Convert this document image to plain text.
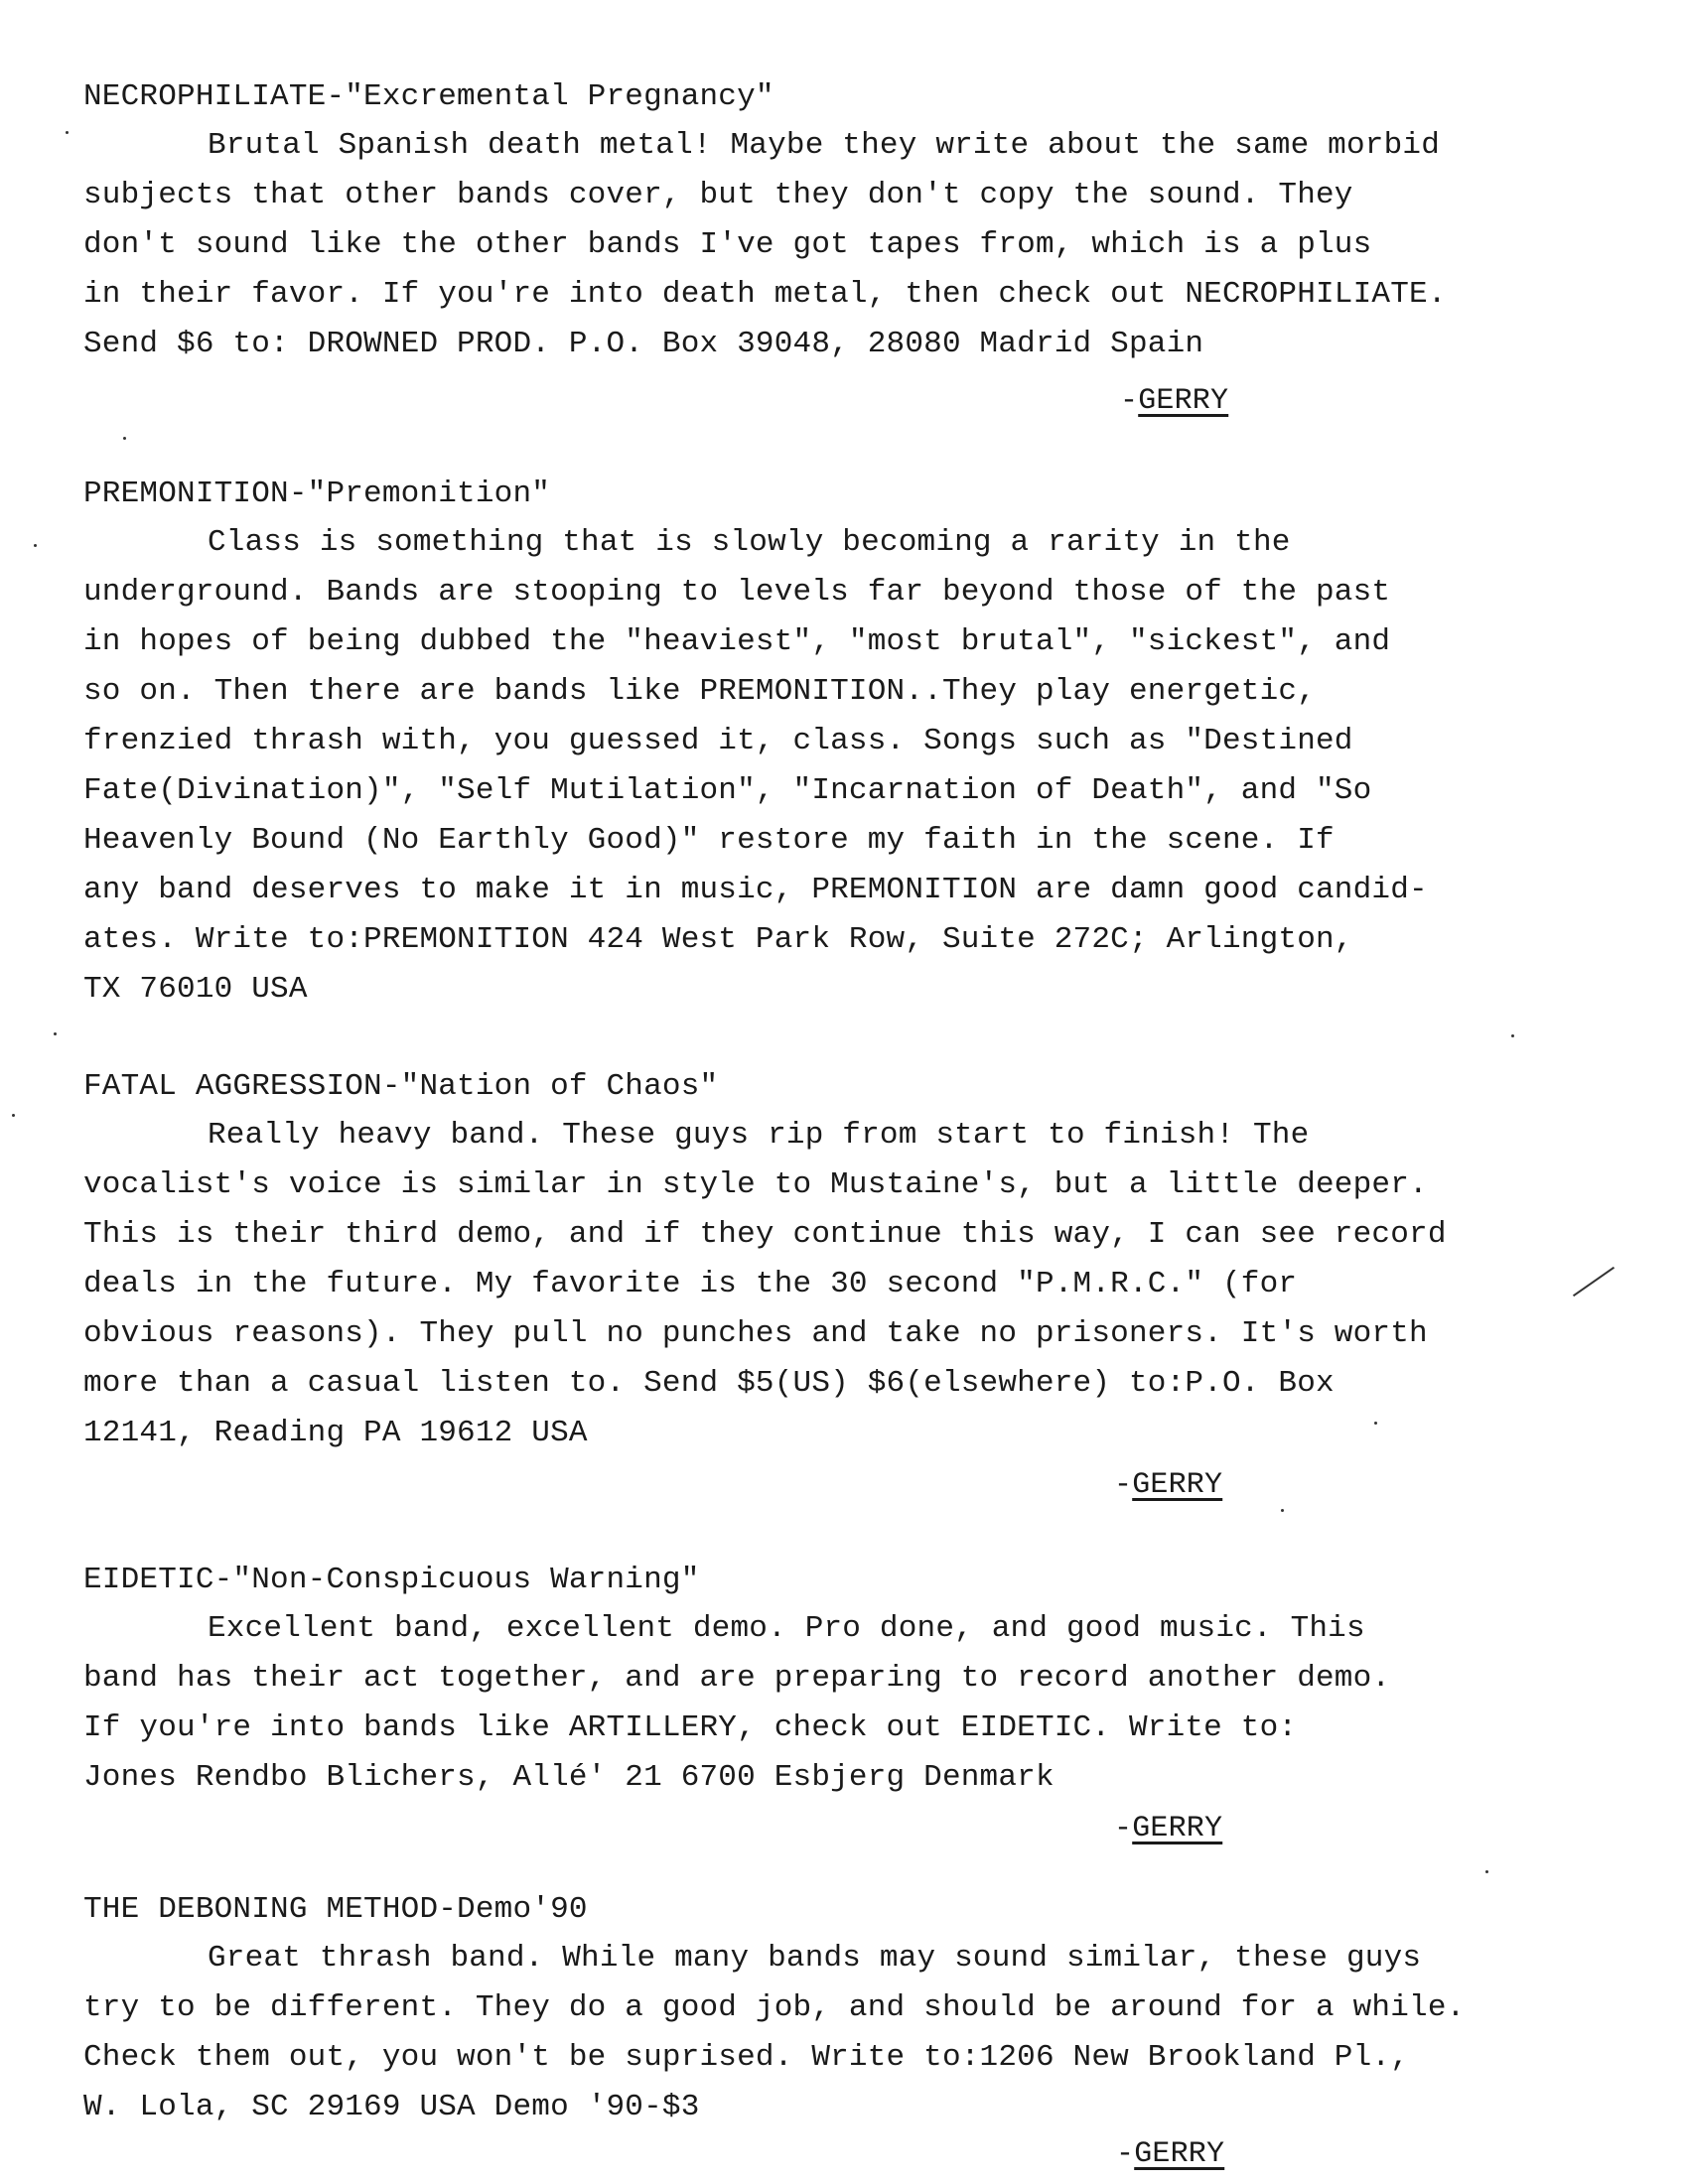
NECROPHILIATE-"Excremental Pregnancy"
Brutal Spanish death metal! Maybe they write about the same morbid
subjects that other bands cover, but they don't copy the sound. They
don't sound like the other bands I've got tapes from, which is a plus
in their favor. If you're into death metal, then check out NECROPHILIATE.
Send $6 to: DROWNED PROD. P.O. Box 39048, 28080 Madrid Spain
-GERRY
PREMONITION-"Premonition"
Class is something that is slowly becoming a rarity in the
underground. Bands are stooping to levels far beyond those of the past
in hopes of being dubbed the "heaviest", "most brutal", "sickest", and
so on. Then there are bands like PREMONITION..They play energetic,
frenzied thrash with, you guessed it, class. Songs such as "Destined
Fate(Divination)", "Self Mutilation", "Incarnation of Death", and "So
Heavenly Bound (No Earthly Good)" restore my faith in the scene. If
any band deserves to make it in music, PREMONITION are damn good candid-
ates. Write to:PREMONITION 424 West Park Row, Suite 272C; Arlington,
TX 76010 USA
FATAL AGGRESSION-"Nation of Chaos"
Really heavy band. These guys rip from start to finish! The
vocalist's voice is similar in style to Mustaine's, but a little deeper.
This is their third demo, and if they continue this way, I can see record
deals in the future. My favorite is the 30 second "P.M.R.C." (for
obvious reasons). They pull no punches and take no prisoners. It's worth
more than a casual listen to. Send $5(US) $6(elsewhere) to:P.O. Box
12141, Reading PA 19612 USA
-GERRY
EIDETIC-"Non-Conspicuous Warning"
Excellent band, excellent demo. Pro done, and good music. This
band has their act together, and are preparing to record another demo.
If you're into bands like ARTILLERY, check out EIDETIC. Write to:
Jones Rendbo Blichers, Allé' 21 6700 Esbjerg Denmark
-GERRY
THE DEBONING METHOD-Demo'90
Great thrash band. While many bands may sound similar, these guys
try to be different. They do a good job, and should be around for a while.
Check them out, you won't be suprised. Write to:1206 New Brookland Pl.,
W. Lola, SC 29169 USA Demo '90-$3
-GERRY
